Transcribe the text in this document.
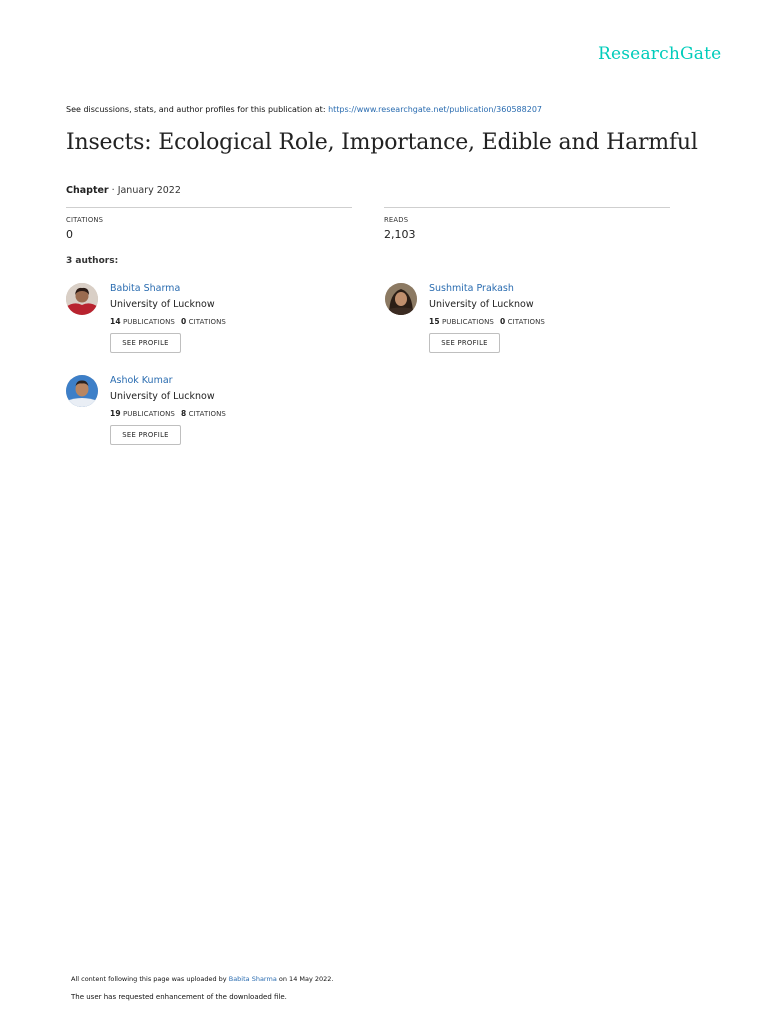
ResearchGate
See discussions, stats, and author profiles for this publication at: https://www.researchgate.net/publication/360588207
Insects: Ecological Role, Importance, Edible and Harmful
Chapter · January 2022
CITATIONS
0
READS
2,103
3 authors:
Babita Sharma
University of Lucknow
14 PUBLICATIONS 0 CITATIONS
SEE PROFILE
Sushmita Prakash
University of Lucknow
15 PUBLICATIONS 0 CITATIONS
SEE PROFILE
Ashok Kumar
University of Lucknow
19 PUBLICATIONS 8 CITATIONS
SEE PROFILE
All content following this page was uploaded by Babita Sharma on 14 May 2022.
The user has requested enhancement of the downloaded file.
